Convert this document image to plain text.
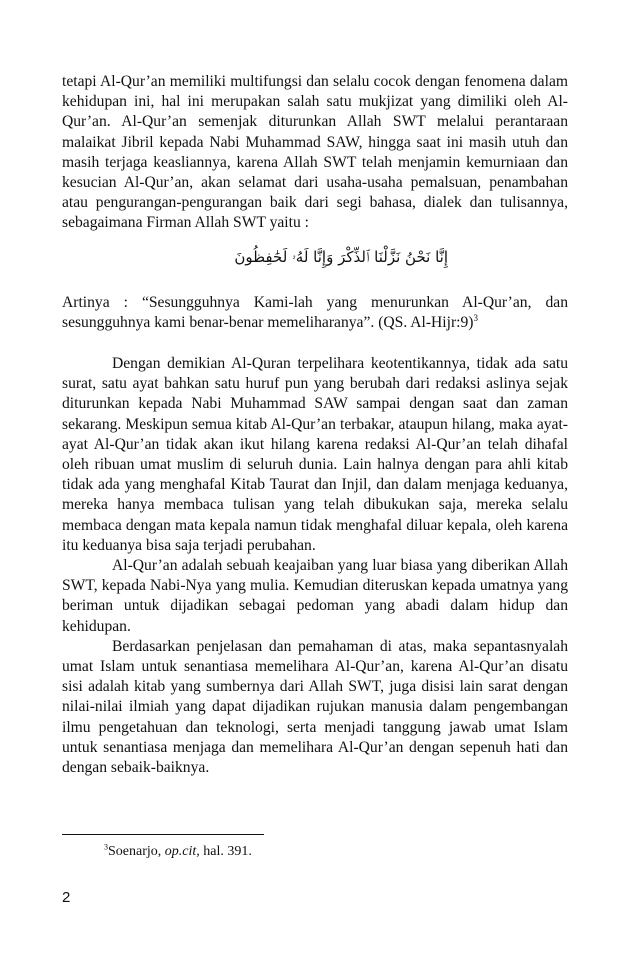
tetapi Al-Qur’an memiliki multifungsi dan selalu cocok dengan fenomena dalam kehidupan ini, hal ini merupakan salah satu mukjizat yang dimiliki oleh Al-Qur’an. Al-Qur’an semenjak diturunkan Allah SWT melalui perantaraan malaikat Jibril kepada Nabi Muhammad SAW, hingga saat ini masih utuh dan masih terjaga keasliannya, karena Allah SWT telah menjamin kemurniaan dan kesucian Al-Qur’an, akan selamat dari usaha-usaha pemalsuan, penambahan atau pengurangan-pengurangan baik dari segi bahasa, dialek dan tulisannya, sebagaimana Firman Allah SWT yaitu :

إِنَّا نَحْنُ نَزَّلْنَا ٱلذِّكْرَ وَإِنَّا لَهُۥ لَحَٰفِظُونَ

Artinya : “Sesungguhnya Kami-lah yang menurunkan Al-Qur’an, dan sesungguhnya kami benar-benar memeliharanya”. (QS. Al-Hijr:9)$^3$

Dengan demikian Al-Quran terpelihara keotentikannya, tidak ada satu surat, satu ayat bahkan satu huruf pun yang berubah dari redaksi aslinya sejak diturunkan kepada Nabi Muhammad SAW sampai dengan saat dan zaman sekarang. Meskipun semua kitab Al-Qur’an terbakar, ataupun hilang, maka ayat-ayat Al-Qur’an tidak akan ikut hilang karena redaksi Al-Qur’an telah dihafal oleh ribuan umat muslim di seluruh dunia. Lain halnya dengan para ahli kitab tidak ada yang menghafal Kitab Taurat dan Injil, dan dalam menjaga keduanya, mereka hanya membaca tulisan yang telah dibukukan saja, mereka selalu membaca dengan mata kepala namun tidak menghafal diluar kepala, oleh karena itu keduanya bisa saja terjadi perubahan.

Al-Qur’an adalah sebuah keajaiban yang luar biasa yang diberikan Allah SWT, kepada Nabi-Nya yang mulia. Kemudian diteruskan kepada umatnya yang beriman untuk dijadikan sebagai pedoman yang abadi dalam hidup dan kehidupan.

Berdasarkan penjelasan dan pemahaman di atas, maka sepantasnyalah umat Islam untuk senantiasa memelihara Al-Qur’an, karena Al-Qur’an disatu sisi adalah kitab yang sumbernya dari Allah SWT, juga disisi lain sarat dengan nilai-nilai ilmiah yang dapat dijadikan rujukan manusia dalam pengembangan ilmu pengetahuan dan teknologi, serta menjadi tanggung jawab umat Islam untuk senantiasa menjaga dan memelihara Al-Qur’an dengan sepenuh hati dan dengan sebaik-baiknya.

$^3$Soenarjo, op.cit, hal. 391.
2
